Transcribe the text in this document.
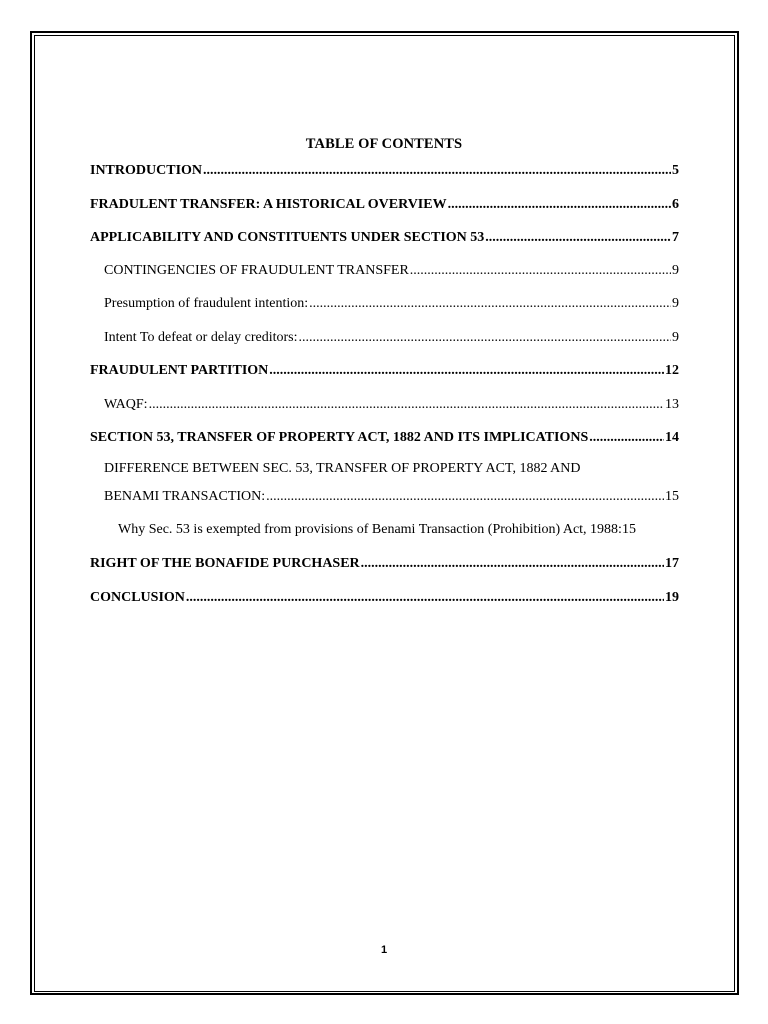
TABLE OF CONTENTS
INTRODUCTION .....	5
FRADULENT TRANSFER: A HISTORICAL OVERVIEW .....	6
APPLICABILITY AND CONSTITUENTS UNDER SECTION 53 .....	7
CONTINGENCIES OF FRAUDULENT TRANSFER .....	9
Presumption of fraudulent intention: .....	9
Intent To defeat or delay creditors: .....	9
FRAUDULENT PARTITION .....	12
WAQF: .....	13
SECTION 53, TRANSFER OF PROPERTY ACT, 1882 AND ITS IMPLICATIONS .....	14
DIFFERENCE BETWEEN SEC. 53, TRANSFER OF PROPERTY ACT, 1882 AND
BENAMI TRANSACTION: .....	15
Why Sec. 53 is exempted from provisions of Benami Transaction (Prohibition) Act, 1988: 15
RIGHT OF THE BONAFIDE PURCHASER .....	17
CONCLUSION .....	19
1
